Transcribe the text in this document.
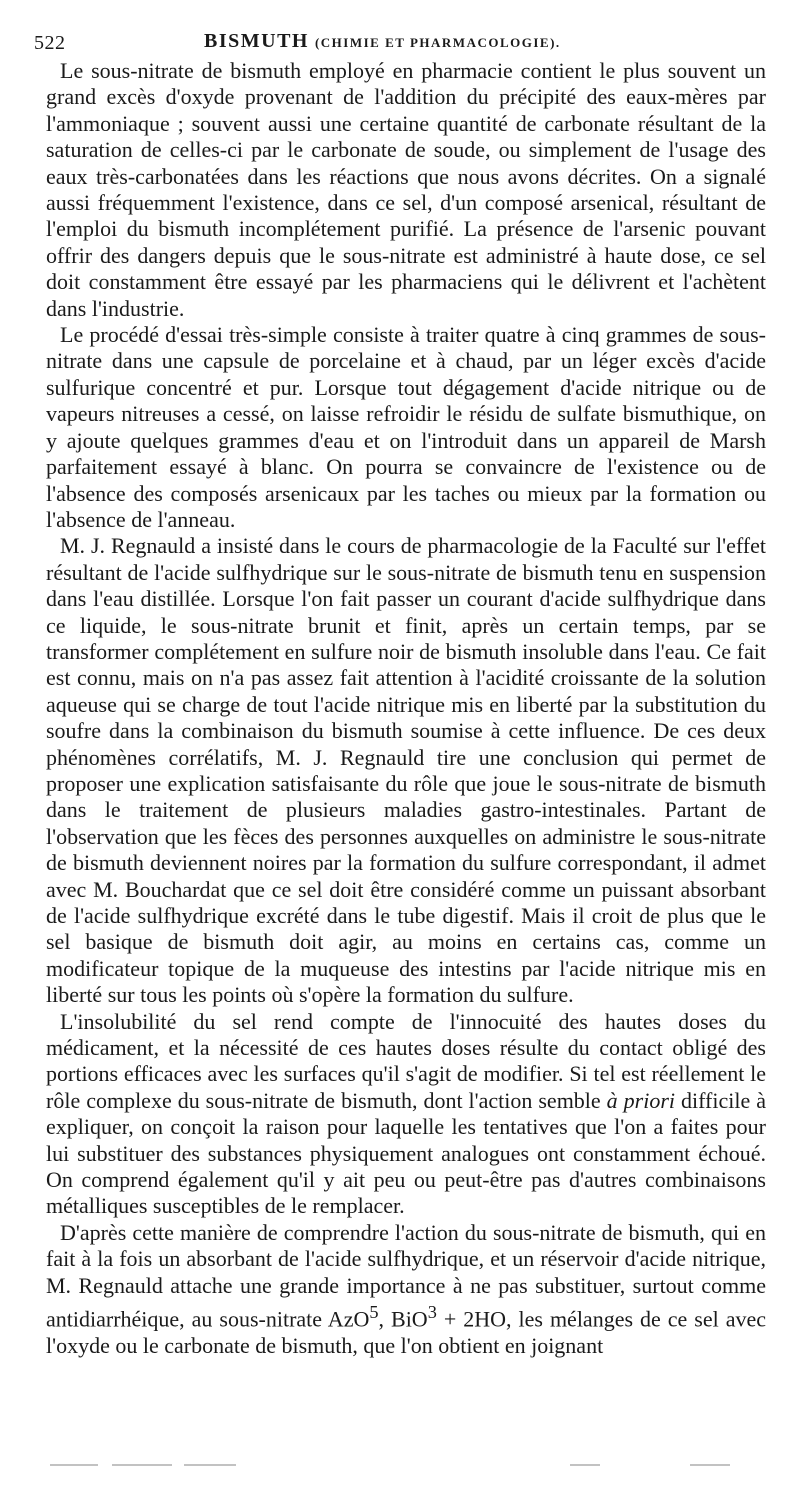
522	BISMUTH (CHIMIE ET PHARMACOLOGIE).

Le sous-nitrate de bismuth employé en pharmacie contient le plus souvent un grand excès d'oxyde provenant de l'addition du précipité des eaux-mères par l'ammoniaque ; souvent aussi une certaine quantité de carbonate résultant de la saturation de celles-ci par le carbonate de soude, ou simplement de l'usage des eaux très-carbonatées dans les réactions que nous avons décrites. On a signalé aussi fréquemment l'existence, dans ce sel, d'un composé arsenical, résultant de l'emploi du bismuth incomplétement purifié. La présence de l'arsenic pouvant offrir des dangers depuis que le sous-nitrate est administré à haute dose, ce sel doit constamment être essayé par les pharmaciens qui le délivrent et l'achètent dans l'industrie.

Le procédé d'essai très-simple consiste à traiter quatre à cinq grammes de sous-nitrate dans une capsule de porcelaine et à chaud, par un léger excès d'acide sulfurique concentré et pur. Lorsque tout dégagement d'acide nitrique ou de vapeurs nitreuses a cessé, on laisse refroidir le résidu de sulfate bismuthique, on y ajoute quelques grammes d'eau et on l'introduit dans un appareil de Marsh parfaitement essayé à blanc. On pourra se convaincre de l'existence ou de l'absence des composés arsenicaux par les taches ou mieux par la formation ou l'absence de l'anneau.

M. J. Regnauld a insisté dans le cours de pharmacologie de la Faculté sur l'effet résultant de l'acide sulfhydrique sur le sous-nitrate de bismuth tenu en suspension dans l'eau distillée. Lorsque l'on fait passer un courant d'acide sulfhydrique dans ce liquide, le sous-nitrate brunit et finit, après un certain temps, par se transformer complétement en sulfure noir de bismuth insoluble dans l'eau. Ce fait est connu, mais on n'a pas assez fait attention à l'acidité croissante de la solution aqueuse qui se charge de tout l'acide nitrique mis en liberté par la substitution du soufre dans la combinaison du bismuth soumise à cette influence. De ces deux phénomènes corrélatifs, M. J. Regnauld tire une conclusion qui permet de proposer une explication satisfaisante du rôle que joue le sous-nitrate de bismuth dans le traitement de plusieurs maladies gastro-intestinales. Partant de l'observation que les fèces des personnes auxquelles on administre le sous-nitrate de bismuth deviennent noires par la formation du sulfure correspondant, il admet avec M. Bouchardat que ce sel doit être considéré comme un puissant absorbant de l'acide sulfhydrique excrété dans le tube digestif. Mais il croit de plus que le sel basique de bismuth doit agir, au moins en certains cas, comme un modificateur topique de la muqueuse des intestins par l'acide nitrique mis en liberté sur tous les points où s'opère la formation du sulfure.

L'insolubilité du sel rend compte de l'innocuité des hautes doses du médicament, et la nécessité de ces hautes doses résulte du contact obligé des portions efficaces avec les surfaces qu'il s'agit de modifier. Si tel est réellement le rôle complexe du sous-nitrate de bismuth, dont l'action semble à priori difficile à expliquer, on conçoit la raison pour laquelle les tentatives que l'on a faites pour lui substituer des substances physiquement analogues ont constamment échoué. On comprend également qu'il y ait peu ou peut-être pas d'autres combinaisons métalliques susceptibles de le remplacer.

D'après cette manière de comprendre l'action du sous-nitrate de bismuth, qui en fait à la fois un absorbant de l'acide sulfhydrique, et un réservoir d'acide nitrique, M. Regnauld attache une grande importance à ne pas substituer, surtout comme antidiarrhéique, au sous-nitrate AzO$^5$, BiO$^3$ + 2HO, les mélanges de ce sel avec l'oxyde ou le carbonate de bismuth, que l'on obtient en joignant
